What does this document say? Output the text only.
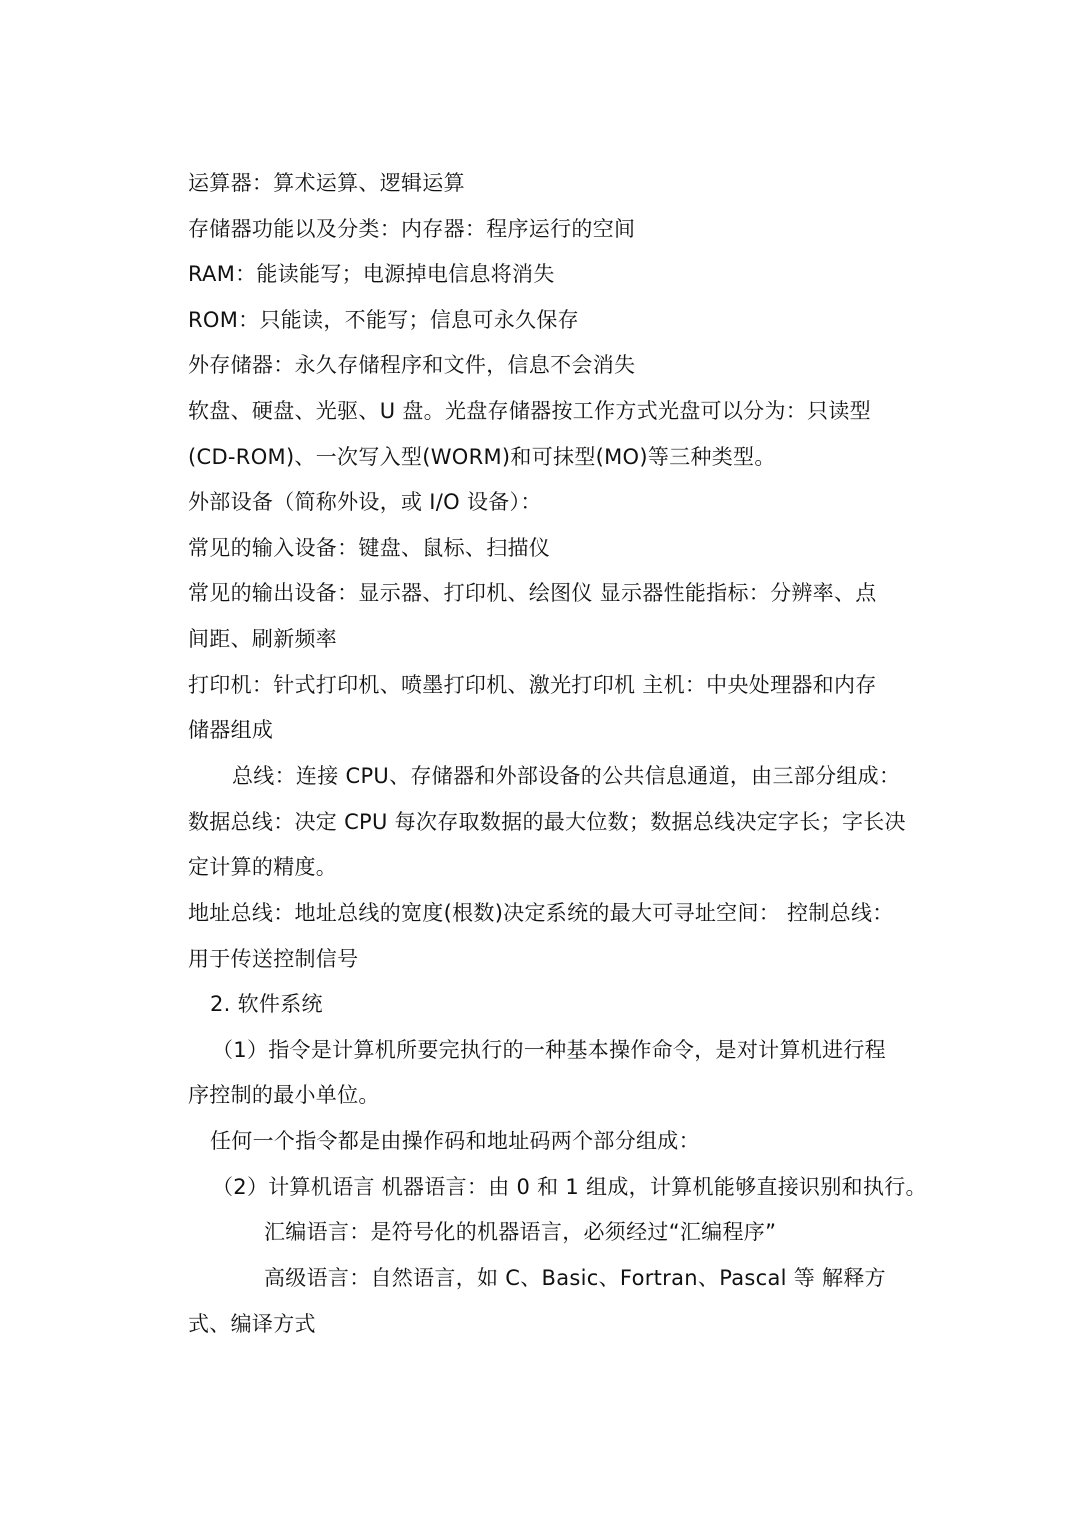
运算器：算术运算、逻辑运算
存储器功能以及分类：内存器：程序运行的空间
RAM：能读能写；电源掉电信息将消失
ROM：只能读，不能写；信息可永久保存
外存储器：永久存储程序和文件，信息不会消失
软盘、硬盘、光驱、U 盘。光盘存储器按工作方式光盘可以分为：只读型
(CD-ROM)、一次写入型(WORM)和可抹型(MO)等三种类型。
外部设备（简称外设，或 I/O 设备）：
常见的输入设备：键盘、鼠标、扫描仪
常见的输出设备：显示器、打印机、绘图仪 显示器性能指标：分辨率、点
间距、刷新频率
打印机：针式打印机、喷墨打印机、激光打印机 主机：中央处理器和内存
储器组成
总线：连接 CPU、存储器和外部设备的公共信息通道，由三部分组成：
数据总线：决定 CPU 每次存取数据的最大位数；数据总线决定字长；字长决
定计算的精度。
地址总线：地址总线的宽度(根数)决定系统的最大可寻址空间： 控制总线：
用于传送控制信号
2. 软件系统
（1）指令是计算机所要完执行的一种基本操作命令，是对计算机进行程
序控制的最小单位。
任何一个指令都是由操作码和地址码两个部分组成：
（2）计算机语言 机器语言：由 0 和 1 组成，计算机能够直接识别和执行。
汇编语言：是符号化的机器语言，必须经过“汇编程序”
高级语言：自然语言，如 C、Basic、Fortran、Pascal 等 解释方
式、编译方式
